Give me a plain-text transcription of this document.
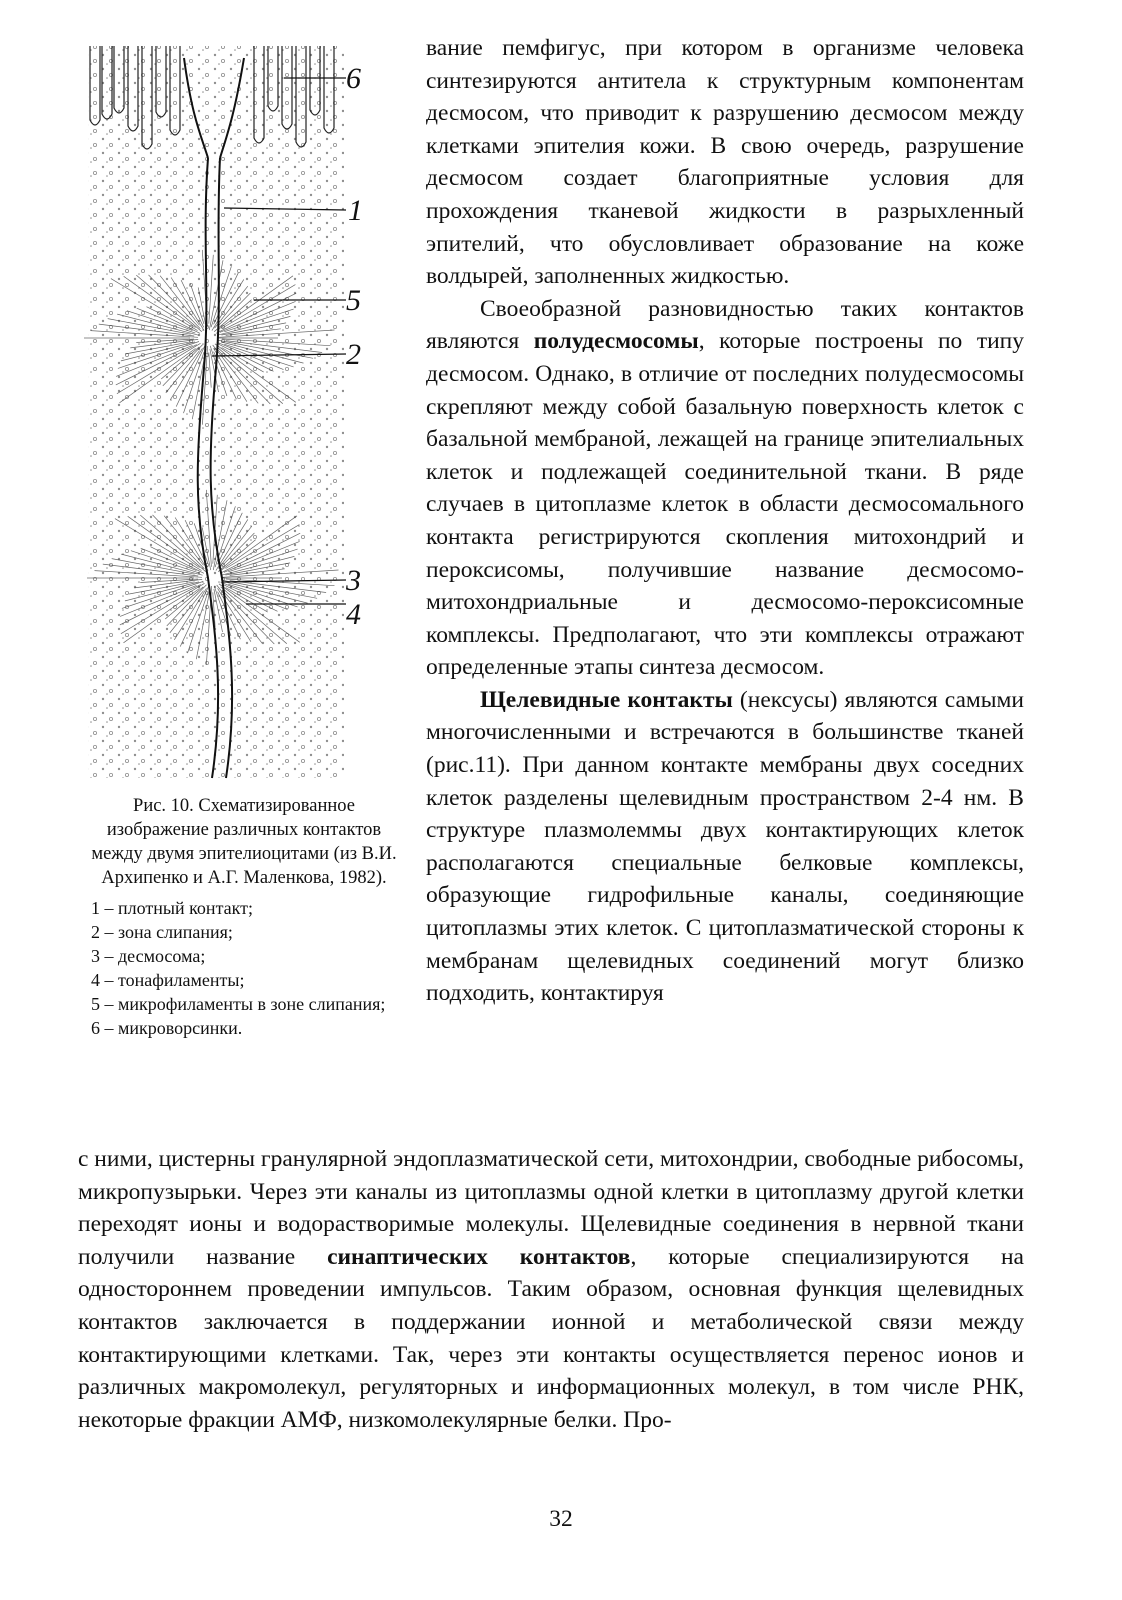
6
1
5
2
3
4

Рис. 10. Схематизированное изображение различных контактов между двумя эпителиоцитами (из В.И. Архипенко и А.Г. Маленкова, 1982).

1 – плотный контакт;
2 – зона слипания;
3 – десмосома;
4 – тонафиламенты;
5 – микрофиламенты в зоне слипания;
6 – микроворсинки.

вание пемфигус, при котором в организме человека синтезируются антитела к структурным компонентам десмосом, что приводит к разрушению десмосом между клетками эпителия кожи. В свою очередь, разрушение десмосом создает благоприятные условия для прохождения тканевой жидкости в разрыхленный эпителий, что обусловливает образование на коже волдырей, заполненных жидкостью.

Своеобразной разновидностью таких контактов являются полудесмосомы, которые построены по типу десмосом. Однако, в отличие от последних полудесмосомы скрепляют между собой базальную поверхность клеток с базальной мембраной, лежащей на границе эпителиальных клеток и подлежащей соединительной ткани. В ряде случаев в цитоплазме клеток в области десмосомального контакта регистрируются скопления митохондрий и пероксисомы, получившие название десмосомо-митохондриальные и десмосомо-пероксисомные комплексы. Предполагают, что эти комплексы отражают определенные этапы синтеза десмосом.

Щелевидные контакты (нексусы) являются самыми многочисленными и встречаются в большинстве тканей (рис.11). При данном контакте мембраны двух соседних клеток разделены щелевидным пространством 2-4 нм. В структуре плазмолеммы двух контактирующих клеток располагаются специальные белковые комплексы, образующие гидрофильные каналы, соединяющие цитоплазмы этих клеток. С цитоплазматической стороны к мембранам щелевидных соединений могут близко подходить, контактируя

с ними, цистерны гранулярной эндоплазматической сети, митохондрии, свободные рибосомы, микропузырьки. Через эти каналы из цитоплазмы одной клетки в цитоплазму другой клетки переходят ионы и водорастворимые молекулы. Щелевидные соединения в нервной ткани получили название синаптических контактов, которые специализируются на одностороннем проведении импульсов. Таким образом, основная функция щелевидных контактов заключается в поддержании ионной и метаболической связи между контактирующими клетками. Так, через эти контакты осуществляется перенос ионов и различных макромолекул, регуляторных и информационных молекул, в том числе РНК, некоторые фракции АМФ, низкомолекулярные белки. Про-

32
